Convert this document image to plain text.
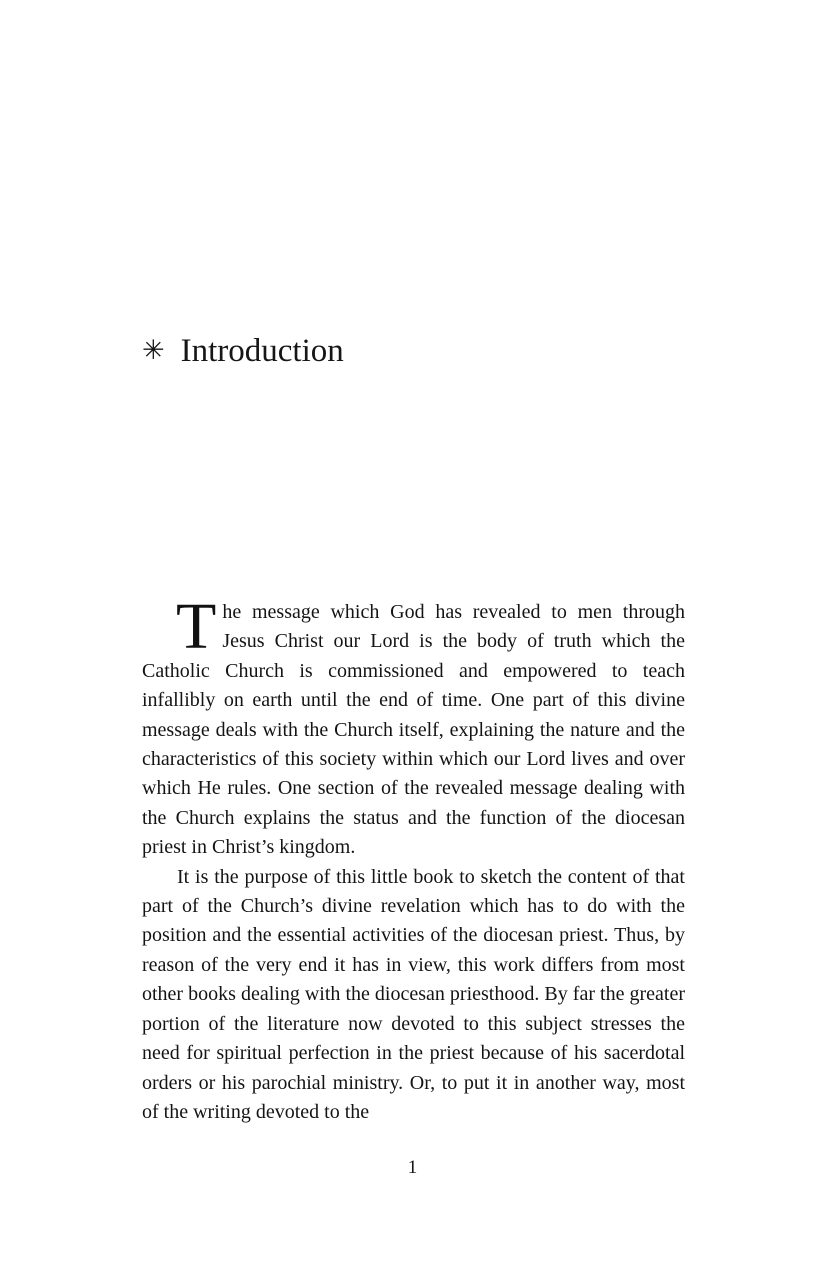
✳ Introduction

The message which God has revealed to men through Jesus Christ our Lord is the body of truth which the Catholic Church is commissioned and empowered to teach infallibly on earth until the end of time. One part of this divine message deals with the Church itself, explaining the nature and the characteristics of this society within which our Lord lives and over which He rules. One section of the revealed message dealing with the Church explains the status and the function of the diocesan priest in Christ’s kingdom.

It is the purpose of this little book to sketch the content of that part of the Church’s divine revelation which has to do with the position and the essential activities of the diocesan priest. Thus, by reason of the very end it has in view, this work differs from most other books dealing with the diocesan priesthood. By far the greater portion of the literature now devoted to this subject stresses the need for spiritual perfection in the priest because of his sacerdotal orders or his parochial ministry. Or, to put it in another way, most of the writing devoted to the

1
